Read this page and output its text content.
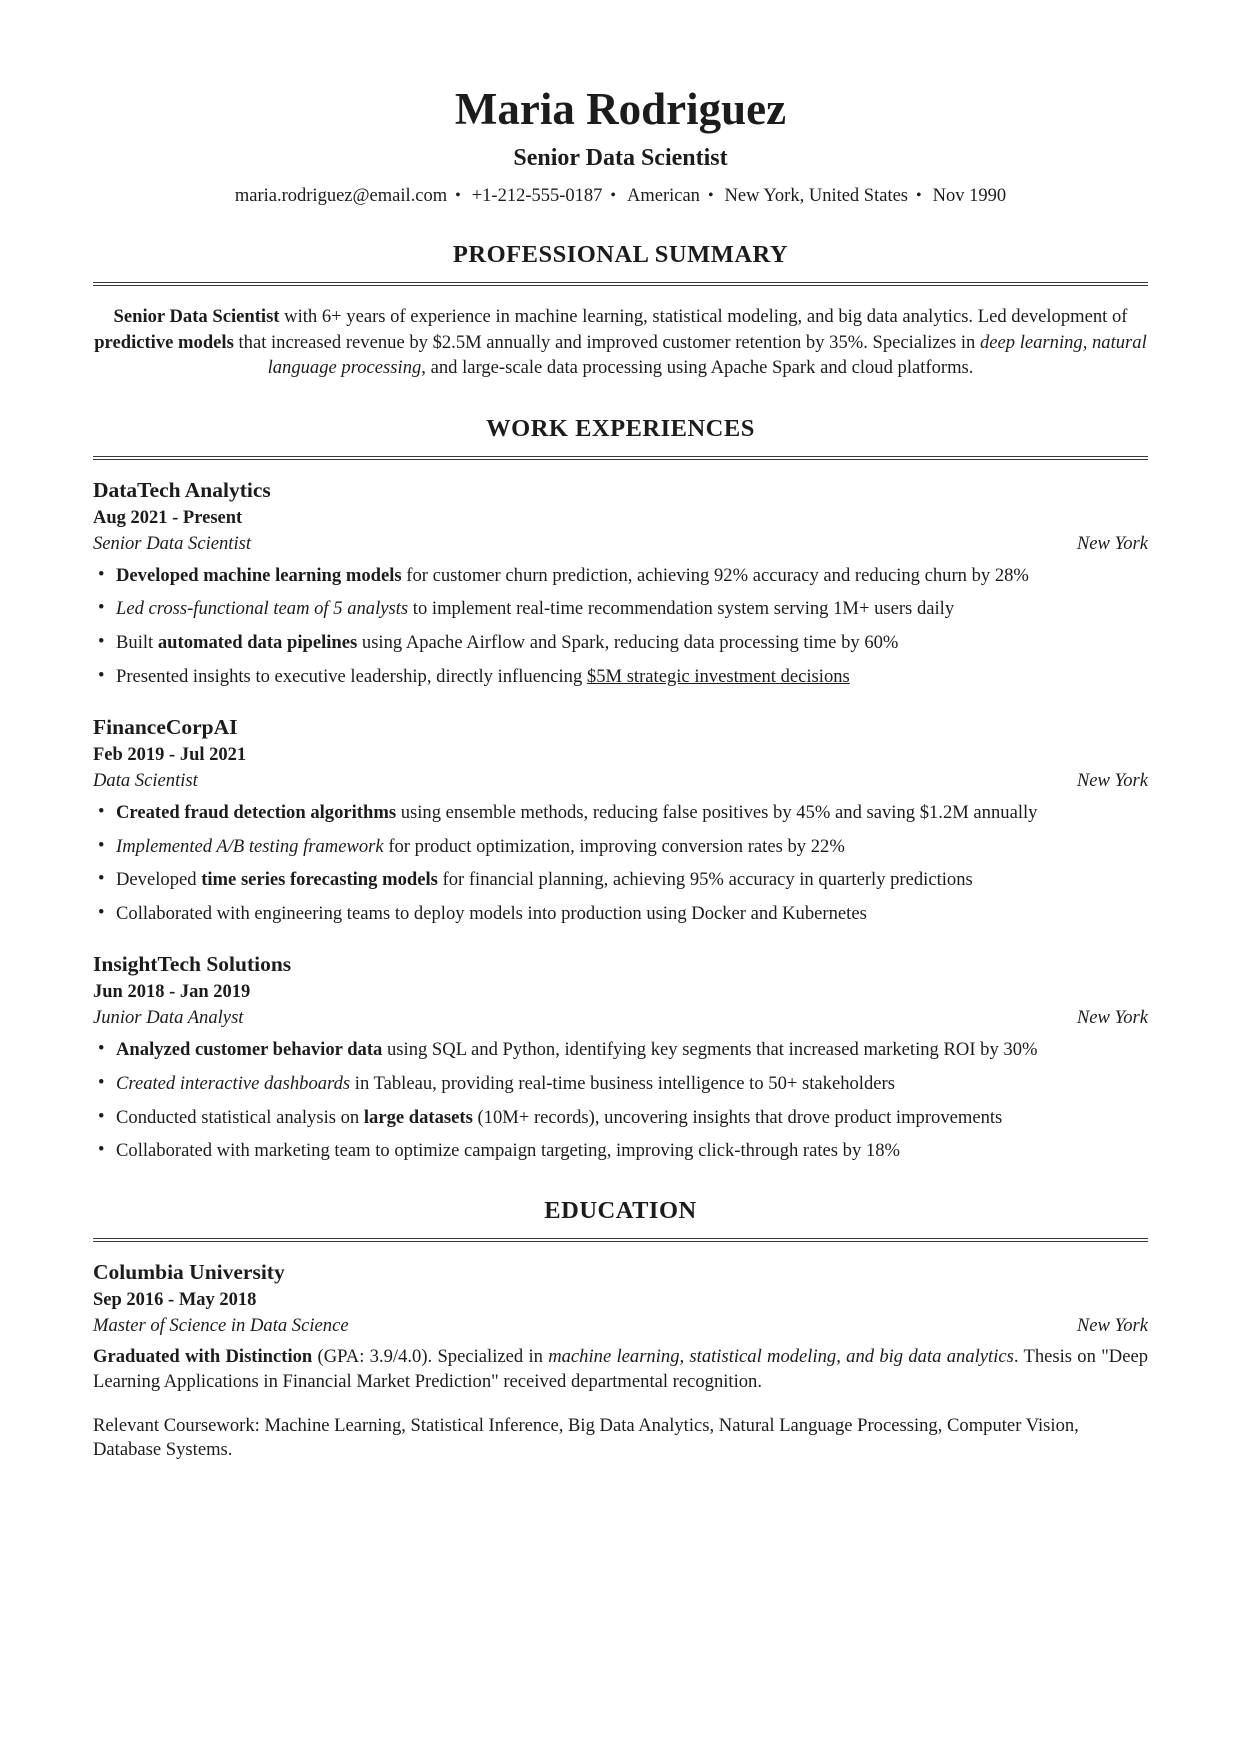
Maria Rodriguez
Senior Data Scientist
maria.rodriguez@email.com • +1-212-555-0187 • American • New York, United States • Nov 1990
PROFESSIONAL SUMMARY

Senior Data Scientist with 6+ years of experience in machine learning, statistical modeling, and big data analytics. Led development of predictive models that increased revenue by $2.5M annually and improved customer retention by 35%. Specializes in deep learning, natural language processing, and large-scale data processing using Apache Spark and cloud platforms.

WORK EXPERIENCES
DataTech Analytics
Aug 2021 - Present
Senior Data Scientist	New York
• Developed machine learning models for customer churn prediction, achieving 92% accuracy and reducing churn by 28%
• Led cross-functional team of 5 analysts to implement real-time recommendation system serving 1M+ users daily
• Built automated data pipelines using Apache Airflow and Spark, reducing data processing time by 60%
• Presented insights to executive leadership, directly influencing $5M strategic investment decisions
FinanceCorpAI
Feb 2019 - Jul 2021
Data Scientist	New York
• Created fraud detection algorithms using ensemble methods, reducing false positives by 45% and saving $1.2M annually
• Implemented A/B testing framework for product optimization, improving conversion rates by 22%
• Developed time series forecasting models for financial planning, achieving 95% accuracy in quarterly predictions
• Collaborated with engineering teams to deploy models into production using Docker and Kubernetes
InsightTech Solutions
Jun 2018 - Jan 2019
Junior Data Analyst	New York
• Analyzed customer behavior data using SQL and Python, identifying key segments that increased marketing ROI by 30%
• Created interactive dashboards in Tableau, providing real-time business intelligence to 50+ stakeholders
• Conducted statistical analysis on large datasets (10M+ records), uncovering insights that drove product improvements
• Collaborated with marketing team to optimize campaign targeting, improving click-through rates by 18%
EDUCATION
Columbia University
Sep 2016 - May 2018
Master of Science in Data Science	New York

Graduated with Distinction (GPA: 3.9/4.0). Specialized in machine learning, statistical modeling, and big data analytics. Thesis on "Deep Learning Applications in Financial Market Prediction" received departmental recognition.

Relevant Coursework: Machine Learning, Statistical Inference, Big Data Analytics, Natural Language Processing, Computer Vision, Database Systems.
